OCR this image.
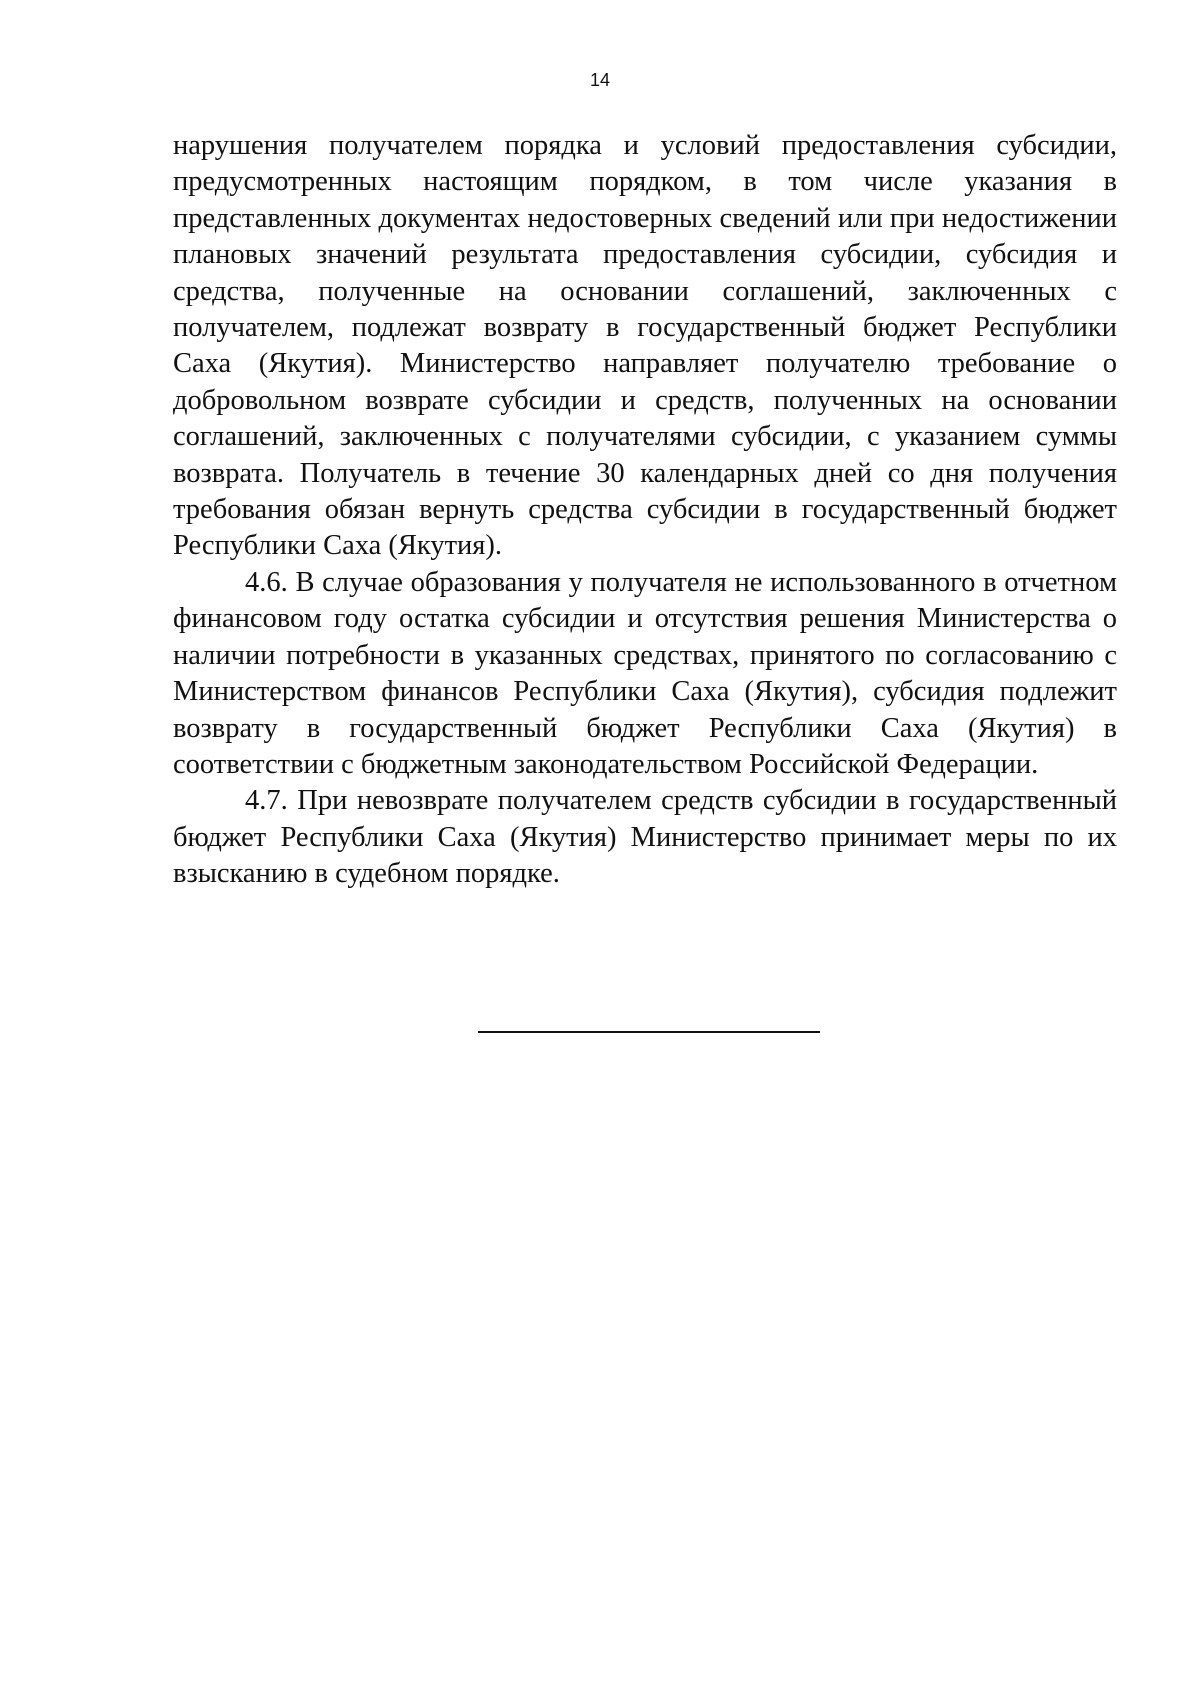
14

нарушения получателем порядка и условий предоставления субсидии, предусмотренных настоящим порядком, в том числе указания в представленных документах недостоверных сведений или при недостижении плановых значений результата предоставления субсидии, субсидия и средства, полученные на основании соглашений, заключенных с получателем, подлежат возврату в государственный бюджет Республики Саха (Якутия). Министерство направляет получателю требование о добровольном возврате субсидии и средств, полученных на основании соглашений, заключенных с получателями субсидии, с указанием суммы возврата. Получатель в течение 30 календарных дней со дня получения требования обязан вернуть средства субсидии в государственный бюджет Республики Саха (Якутия).

4.6. В случае образования у получателя не использованного в отчетном финансовом году остатка субсидии и отсутствия решения Министерства о наличии потребности в указанных средствах, принятого по согласованию с Министерством финансов Республики Саха (Якутия), субсидия подлежит возврату в государственный бюджет Республики Саха (Якутия) в соответствии с бюджетным законодательством Российской Федерации.

4.7. При невозврате получателем средств субсидии в государственный бюджет Республики Саха (Якутия) Министерство принимает меры по их взысканию в судебном порядке.
